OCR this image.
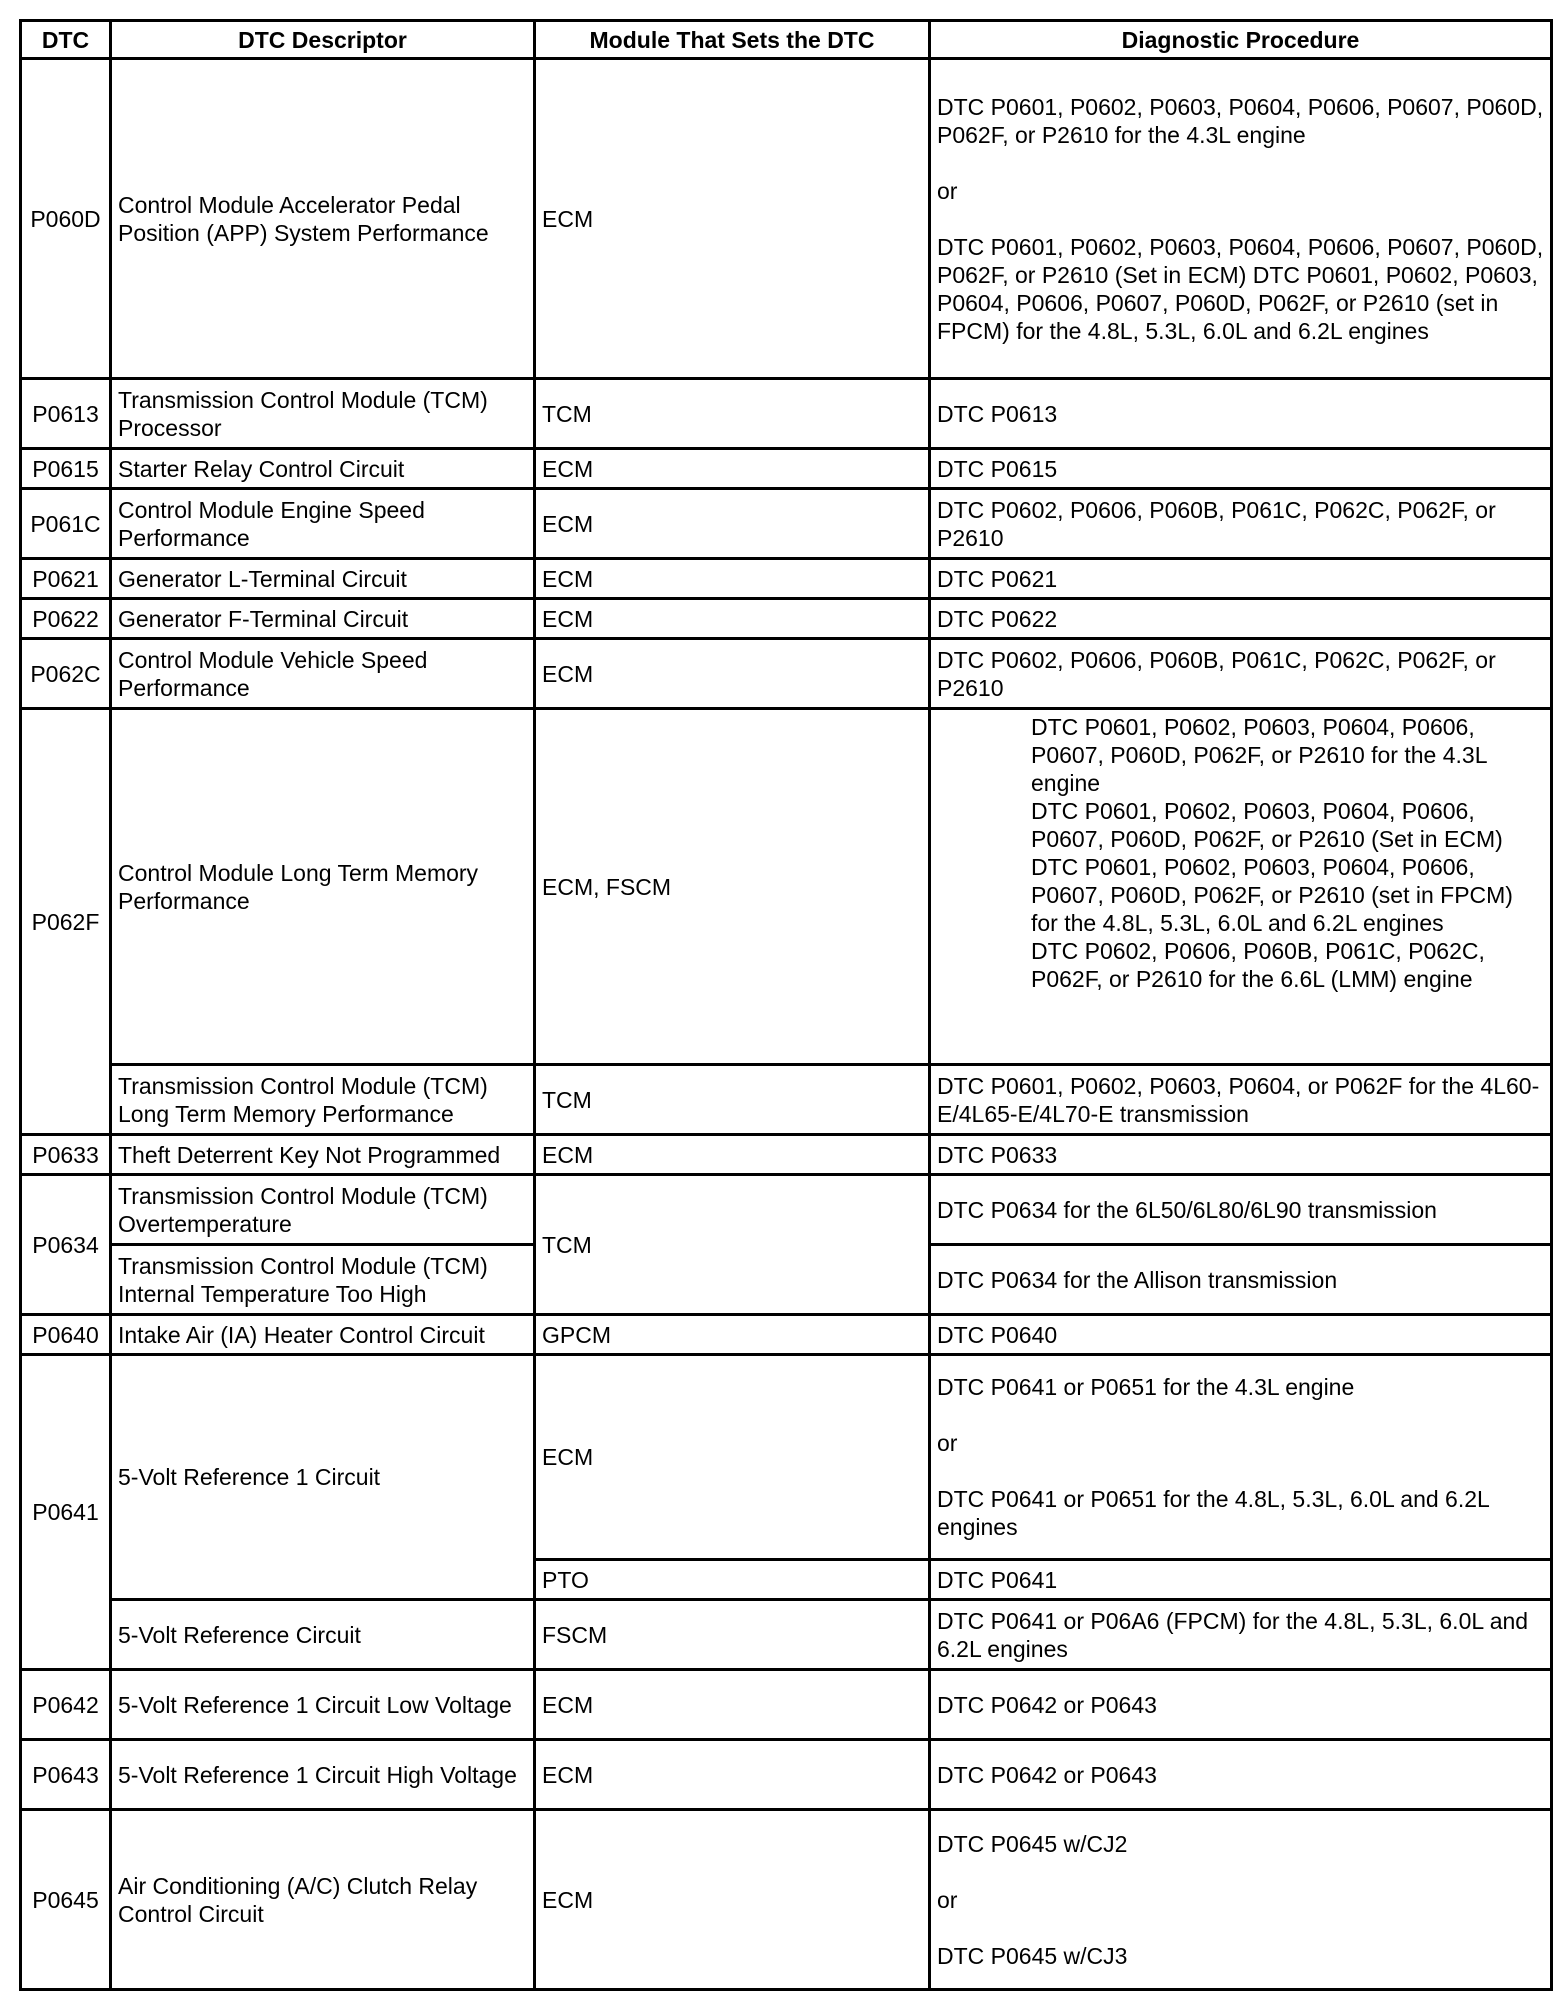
DTC	DTC Descriptor	Module That Sets the DTC	Diagnostic Procedure
P060D	Control Module Accelerator Pedal Position (APP) System Performance	ECM	DTC P0601, P0602, P0603, P0604, P0606, P0607, P060D, P062F, or P2610 for the 4.3L engine
or
DTC P0601, P0602, P0603, P0604, P0606, P0607, P060D, P062F, or P2610 (Set in ECM) DTC P0601, P0602, P0603, P0604, P0606, P0607, P060D, P062F, or P2610 (set in FPCM) for the 4.8L, 5.3L, 6.0L and 6.2L engines

P0613	Transmission Control Module (TCM) Processor	TCM	DTC P0613
P0615	Starter Relay Control Circuit	ECM	DTC P0615
P061C	Control Module Engine Speed Performance	ECM	DTC P0602, P0606, P060B, P061C, P062C, P062F, or P2610
P0621	Generator L-Terminal Circuit	ECM	DTC P0621
P0622	Generator F-Terminal Circuit	ECM	DTC P0622
P062C	Control Module Vehicle Speed Performance	ECM	DTC P0602, P0606, P060B, P061C, P062C, P062F, or P2610
P062F	Control Module Long Term Memory Performance	ECM, FSCM	DTC P0601, P0602, P0603, P0604, P0606, P0607, P060D, P062F, or P2610 for the 4.3L engine
DTC P0601, P0602, P0603, P0604, P0606, P0607, P060D, P062F, or P2610 (Set in ECM) DTC P0601, P0602, P0603, P0604, P0606, P0607, P060D, P062F, or P2610 (set in FPCM) for the 4.8L, 5.3L, 6.0L and 6.2L engines
DTC P0602, P0606, P060B, P061C, P062C, P062F, or P2610 for the 6.6L (LMM) engine

	Transmission Control Module (TCM) Long Term Memory Performance	TCM	DTC P0601, P0602, P0603, P0604, or P062F for the 4L60-E/4L65-E/4L70-E transmission
P0633	Theft Deterrent Key Not Programmed	ECM	DTC P0633
P0634	Transmission Control Module (TCM) Overtemperature	TCM	DTC P0634 for the 6L50/6L80/6L90 transmission
	Transmission Control Module (TCM) Internal Temperature Too High		DTC P0634 for the Allison transmission
P0640	Intake Air (IA) Heater Control Circuit	GPCM	DTC P0640
P0641	5-Volt Reference 1 Circuit	ECM	DTC P0641 or P0651 for the 4.3L engine
or
DTC P0641 or P0651 for the 4.8L, 5.3L, 6.0L and 6.2L engines

		PTO	DTC P0641
	5-Volt Reference Circuit	FSCM	DTC P0641 or P06A6 (FPCM) for the 4.8L, 5.3L, 6.0L and 6.2L engines
P0642	5-Volt Reference 1 Circuit Low Voltage	ECM	DTC P0642 or P0643
P0643	5-Volt Reference 1 Circuit High Voltage	ECM	DTC P0642 or P0643
P0645	Air Conditioning (A/C) Clutch Relay Control Circuit	ECM	DTC P0645 w/CJ2
or
DTC P0645 w/CJ3
